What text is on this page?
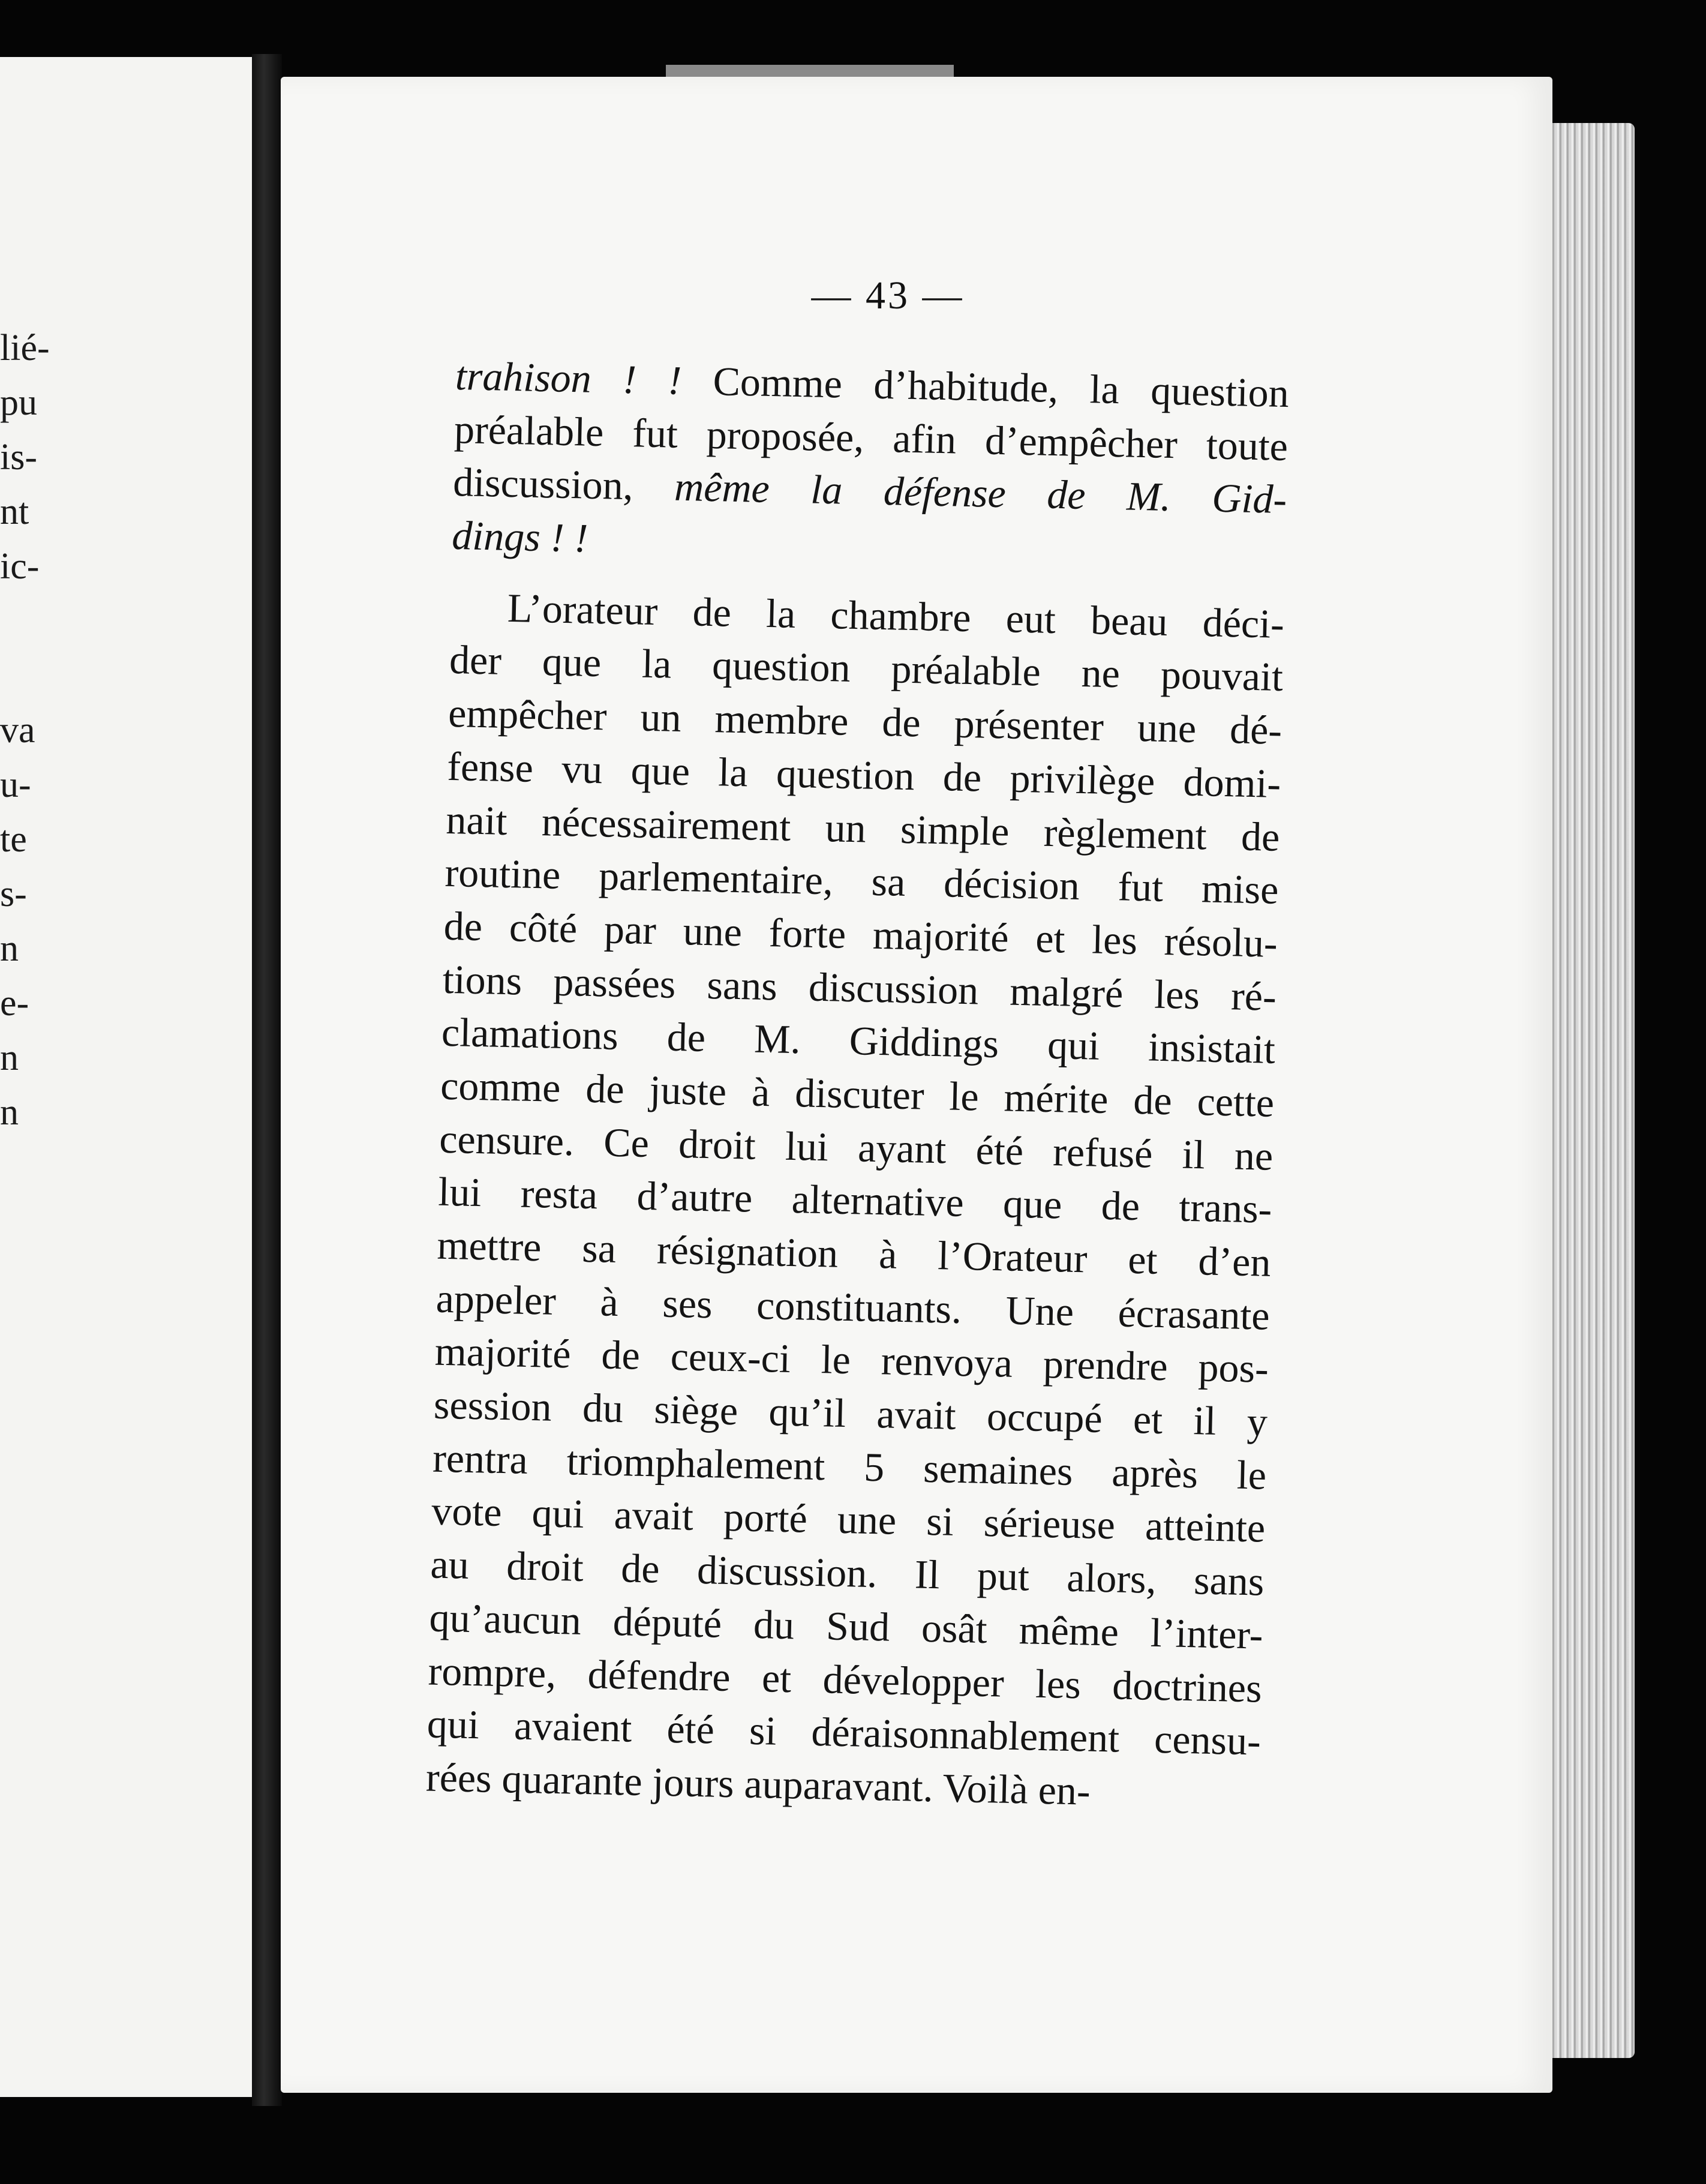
lié-
pu
is-
nt
ic-
va
u-
te
s-
n
e-
n
n
— 43 —
trahison ! ! Comme d’habitude, la question
préalable fut proposée, afin d’empêcher toute
discussion, même la défense de M. Gid-
dings ! !
L’orateur de la chambre eut beau déci-
der que la question préalable ne pouvait
empêcher un membre de présenter une dé-
fense vu que la question de privilège domi-
nait nécessairement un simple règlement de
routine parlementaire, sa décision fut mise
de côté par une forte majorité et les résolu-
tions passées sans discussion malgré les ré-
clamations de M. Giddings qui insistait
comme de juste à discuter le mérite de cette
censure. Ce droit lui ayant été refusé il ne
lui resta d’autre alternative que de trans-
mettre sa résignation à l’Orateur et d’en
appeler à ses constituants. Une écrasante
majorité de ceux-ci le renvoya prendre pos-
session du siège qu’il avait occupé et il y
rentra triomphalement 5 semaines après le
vote qui avait porté une si sérieuse atteinte
au droit de discussion. Il put alors, sans
qu’aucun député du Sud osât même l’inter-
rompre, défendre et développer les doctrines
qui avaient été si déraisonnablement censu-
rées quarante jours auparavant. Voilà en-
